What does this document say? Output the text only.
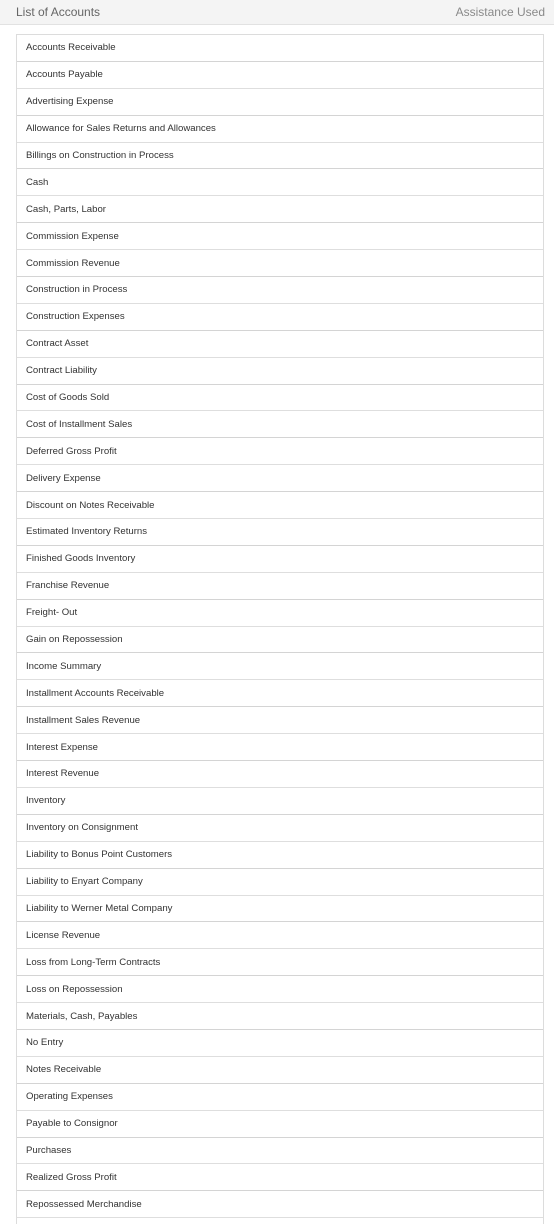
List of Accounts	Assistance Used
Accounts Receivable
Accounts Payable
Advertising Expense
Allowance for Sales Returns and Allowances
Billings on Construction in Process
Cash
Cash, Parts, Labor
Commission Expense
Commission Revenue
Construction in Process
Construction Expenses
Contract Asset
Contract Liability
Cost of Goods Sold
Cost of Installment Sales
Deferred Gross Profit
Delivery Expense
Discount on Notes Receivable
Estimated Inventory Returns
Finished Goods Inventory
Franchise Revenue
Freight- Out
Gain on Repossession
Income Summary
Installment Accounts Receivable
Installment Sales Revenue
Interest Expense
Interest Revenue
Inventory
Inventory on Consignment
Liability to Bonus Point Customers
Liability to Enyart Company
Liability to Werner Metal Company
License Revenue
Loss from Long-Term Contracts
Loss on Repossession
Materials, Cash, Payables
No Entry
Notes Receivable
Operating Expenses
Payable to Consignor
Purchases
Realized Gross Profit
Repossessed Merchandise
